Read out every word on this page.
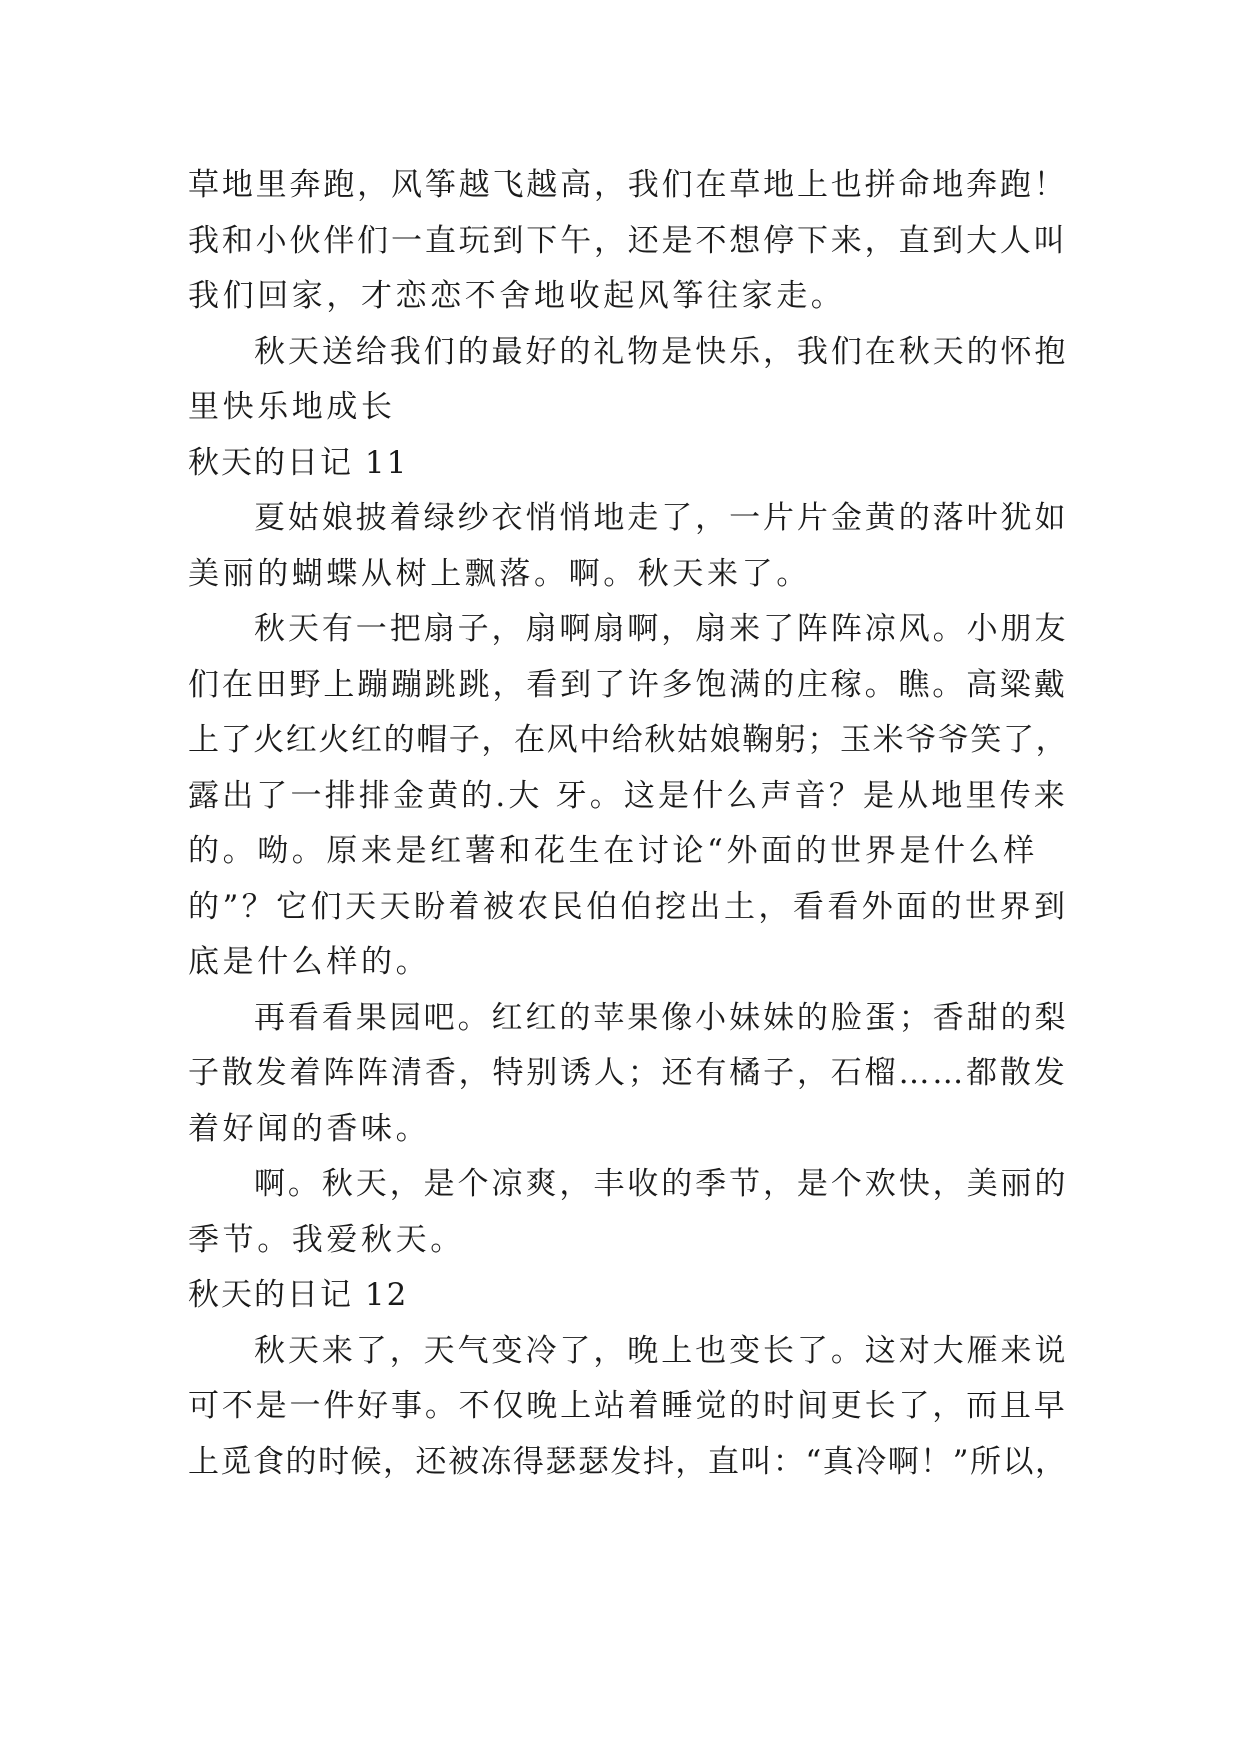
草地里奔跑，风筝越飞越高，我们在草地上也拼命地奔跑！

我和小伙伴们一直玩到下午，还是不想停下来，直到大人叫

我们回家，才恋恋不舍地收起风筝往家走。

秋天送给我们的最好的礼物是快乐，我们在秋天的怀抱

里快乐地成长

秋天的日记 11

夏姑娘披着绿纱衣悄悄地走了，一片片金黄的落叶犹如

美丽的蝴蝶从树上飘落。啊。秋天来了。

秋天有一把扇子，扇啊扇啊，扇来了阵阵凉风。小朋友

们在田野上蹦蹦跳跳，看到了许多饱满的庄稼。瞧。高粱戴

上了火红火红的帽子，在风中给秋姑娘鞠躬；玉米爷爷笑了，

露出了一排排金黄的.大 牙。这是什么声音？是从地里传来

的。呦。原来是红薯和花生在讨论“外面的世界是什么样

的”？它们天天盼着被农民伯伯挖出土，看看外面的世界到

底是什么样的。

再看看果园吧。红红的苹果像小妹妹的脸蛋；香甜的梨

子散发着阵阵清香，特别诱人；还有橘子，石榴……都散发

着好闻的香味。

啊。秋天，是个凉爽，丰收的季节，是个欢快，美丽的

季节。我爱秋天。

秋天的日记 12

秋天来了，天气变冷了，晚上也变长了。这对大雁来说

可不是一件好事。不仅晚上站着睡觉的时间更长了，而且早

上觅食的时候，还被冻得瑟瑟发抖，直叫：“真冷啊！”所以，
